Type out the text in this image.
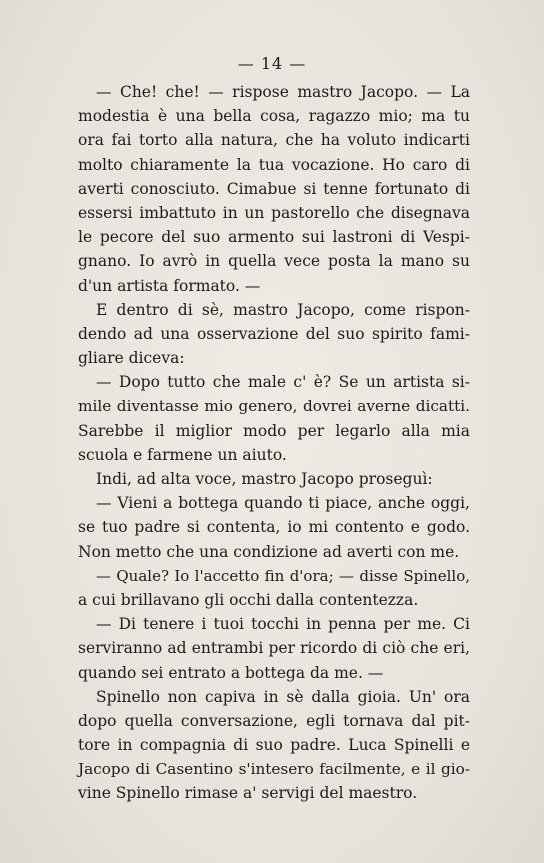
— 14 —
— Che! che! — rispose mastro Jacopo. — La
modestia è una bella cosa, ragazzo mio; ma tu
ora fai torto alla natura, che ha voluto indicarti
molto chiaramente la tua vocazione. Ho caro di
averti conosciuto. Cimabue si tenne fortunato di
essersi imbattuto in un pastorello che disegnava
le pecore del suo armento sui lastroni di Vespi-
gnano. Io avrò in quella vece posta la mano su
d'un artista formato. —
E dentro di sè, mastro Jacopo, come rispon-
dendo ad una osservazione del suo spirito fami-
gliare diceva:
— Dopo tutto che male c' è? Se un artista si-
mile diventasse mio genero, dovrei averne dicatti.
Sarebbe il miglior modo per legarlo alla mia
scuola e farmene un aiuto.
Indi, ad alta voce, mastro Jacopo proseguì:
— Vieni a bottega quando ti piace, anche oggi,
se tuo padre si contenta, io mi contento e godo.
Non metto che una condizione ad averti con me.
— Quale? Io l'accetto fin d'ora; — disse Spinello,
a cui brillavano gli occhi dalla contentezza.
— Di tenere i tuoi tocchi in penna per me. Ci
serviranno ad entrambi per ricordo di ciò che eri,
quando sei entrato a bottega da me. —
Spinello non capiva in sè dalla gioia. Un' ora
dopo quella conversazione, egli tornava dal pit-
tore in compagnia di suo padre. Luca Spinelli e
Jacopo di Casentino s'intesero facilmente, e il gio-
vine Spinello rimase a' servigi del maestro.
